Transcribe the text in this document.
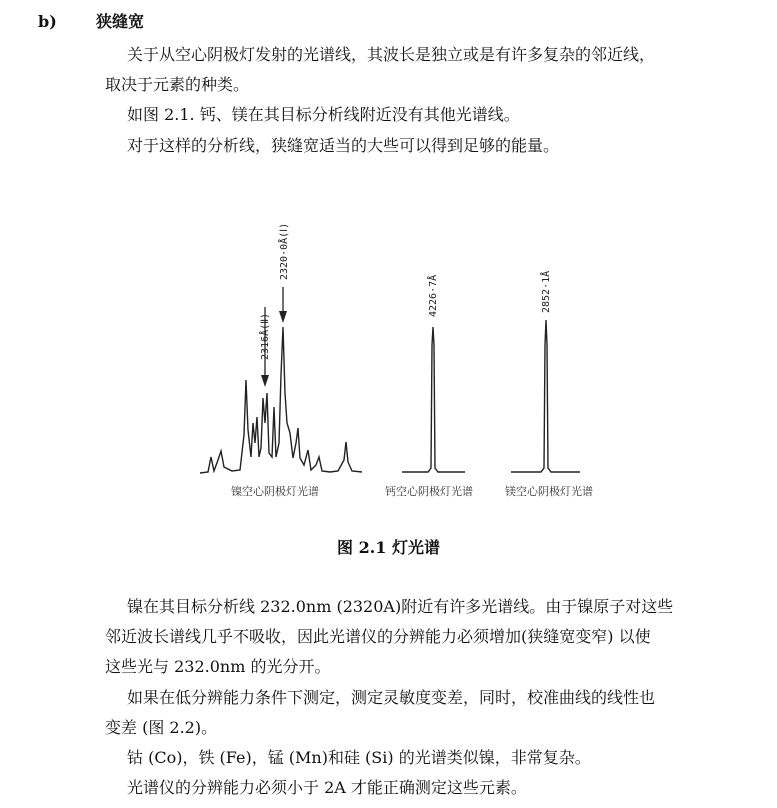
b) 狭缝宽
关于从空心阴极灯发射的光谱线，其波长是独立或是有许多复杂的邻近线，
取决于元素的种类。
如图 2.1. 钙、镁在其目标分析线附近没有其他光谱线。
对于这样的分析线，狭缝宽适当的大些可以得到足够的能量。
2316Å(Ⅱ)
2320·0Å(Ⅰ)
4226·7Å	2852·1Å
镍空心阴极灯光谱	钙空心阴极灯光谱	镁空心阴极灯光谱
图 2.1 灯光谱
镍在其目标分析线 232.0nm (2320A)附近有许多光谱线。由于镍原子对这些
邻近波长谱线几乎不吸收，因此光谱仪的分辨能力必须增加(狭缝宽变窄) 以使
这些光与 232.0nm 的光分开。
如果在低分辨能力条件下测定，测定灵敏度变差，同时，校准曲线的线性也
变差 (图 2.2)。
钴 (Co)，铁 (Fe)，锰 (Mn)和硅 (Si) 的光谱类似镍，非常复杂。
光谱仪的分辨能力必须小于 2A 才能正确测定这些元素。
